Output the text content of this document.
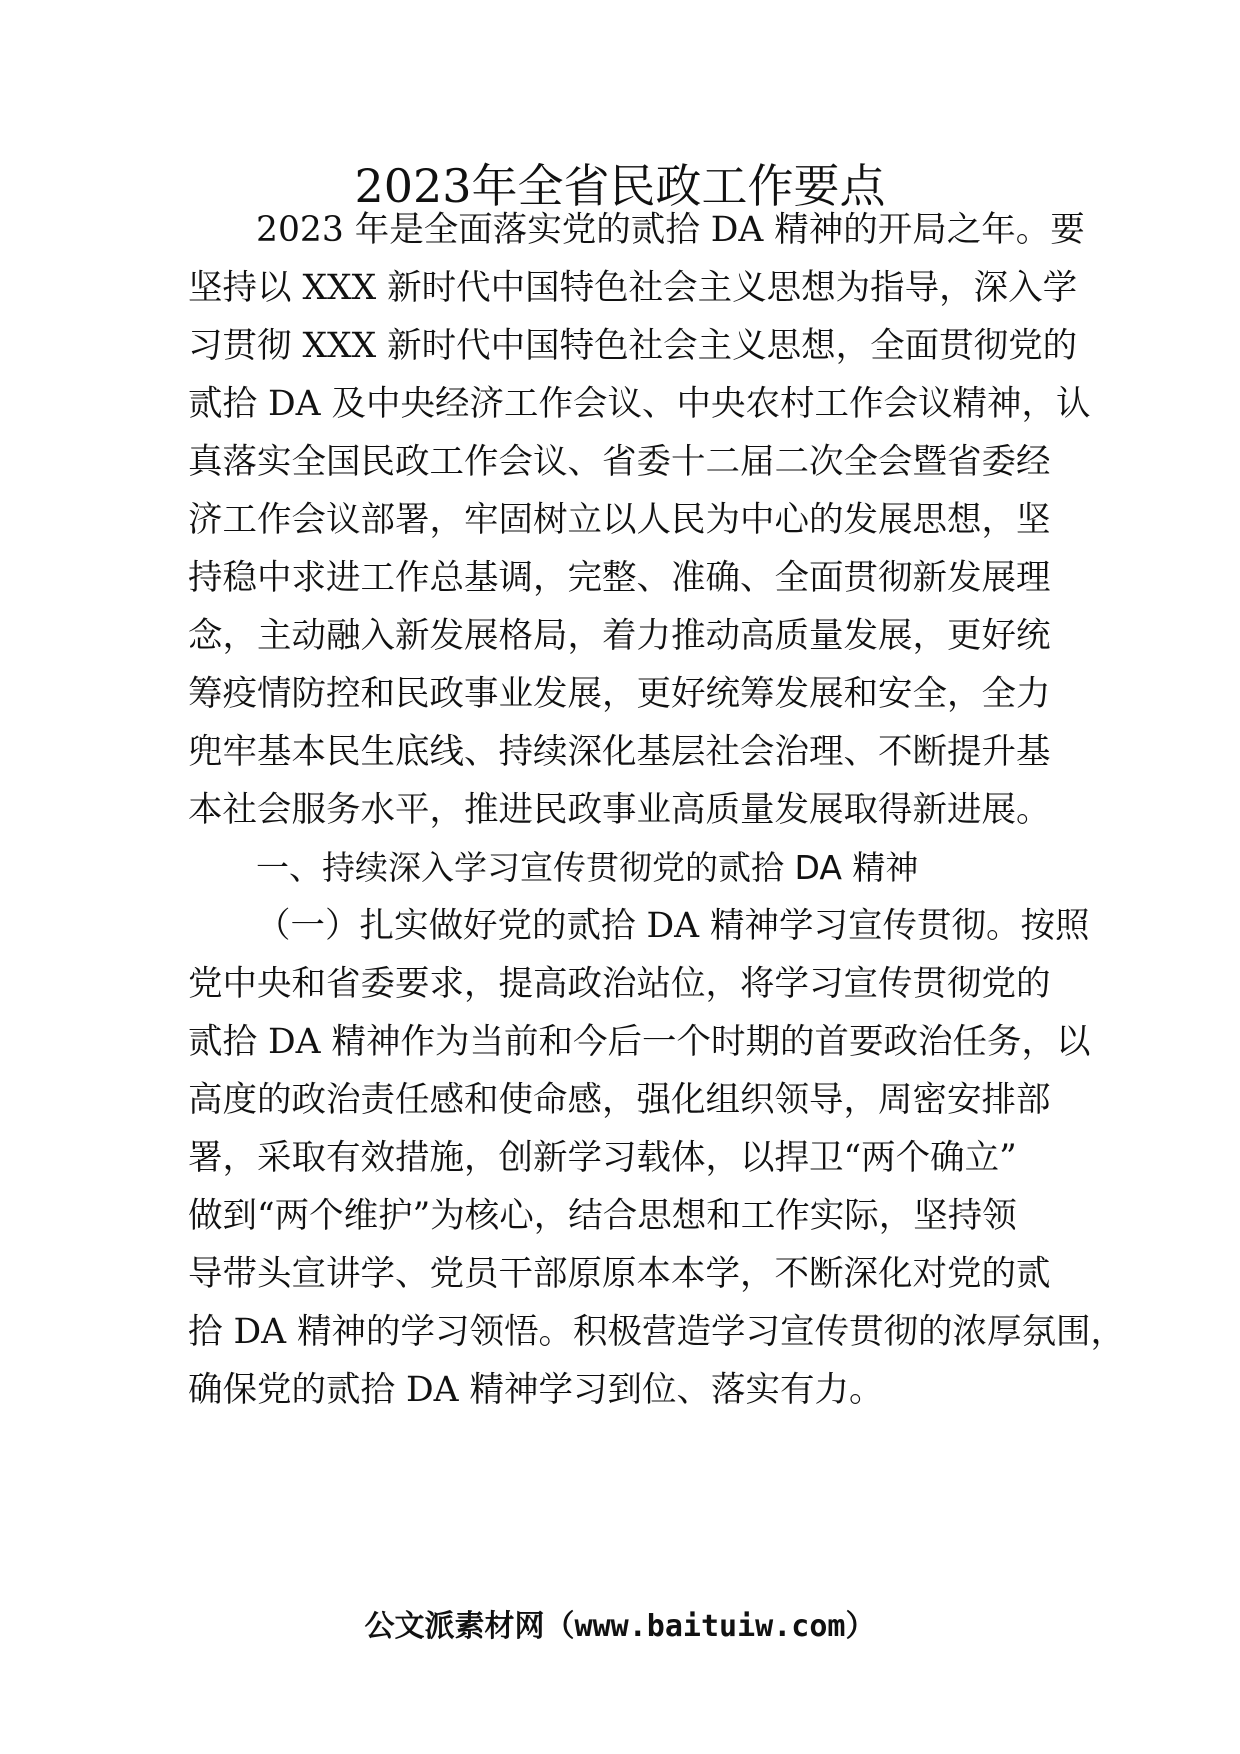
2023年全省民政工作要点
2023 年是全面落实党的贰拾 DA 精神的开局之年。要
坚持以 XXX 新时代中国特色社会主义思想为指导，深入学
习贯彻 XXX 新时代中国特色社会主义思想，全面贯彻党的
贰拾 DA 及中央经济工作会议、中央农村工作会议精神，认
真落实全国民政工作会议、省委十二届二次全会暨省委经
济工作会议部署，牢固树立以人民为中心的发展思想，坚
持稳中求进工作总基调，完整、准确、全面贯彻新发展理
念，主动融入新发展格局，着力推动高质量发展，更好统
筹疫情防控和民政事业发展，更好统筹发展和安全，全力
兜牢基本民生底线、持续深化基层社会治理、不断提升基
本社会服务水平，推进民政事业高质量发展取得新进展。
一、持续深入学习宣传贯彻党的贰拾 DA 精神
（一）扎实做好党的贰拾 DA 精神学习宣传贯彻。按照
党中央和省委要求，提高政治站位，将学习宣传贯彻党的
贰拾 DA 精神作为当前和今后一个时期的首要政治任务，以
高度的政治责任感和使命感，强化组织领导，周密安排部
署，采取有效措施，创新学习载体，以捍卫“两个确立”
做到“两个维护”为核心，结合思想和工作实际，坚持领
导带头宣讲学、党员干部原原本本学，不断深化对党的贰
拾 DA 精神的学习领悟。积极营造学习宣传贯彻的浓厚氛围，
确保党的贰拾 DA 精神学习到位、落实有力。
公文派素材网（www.baituiw.com）
